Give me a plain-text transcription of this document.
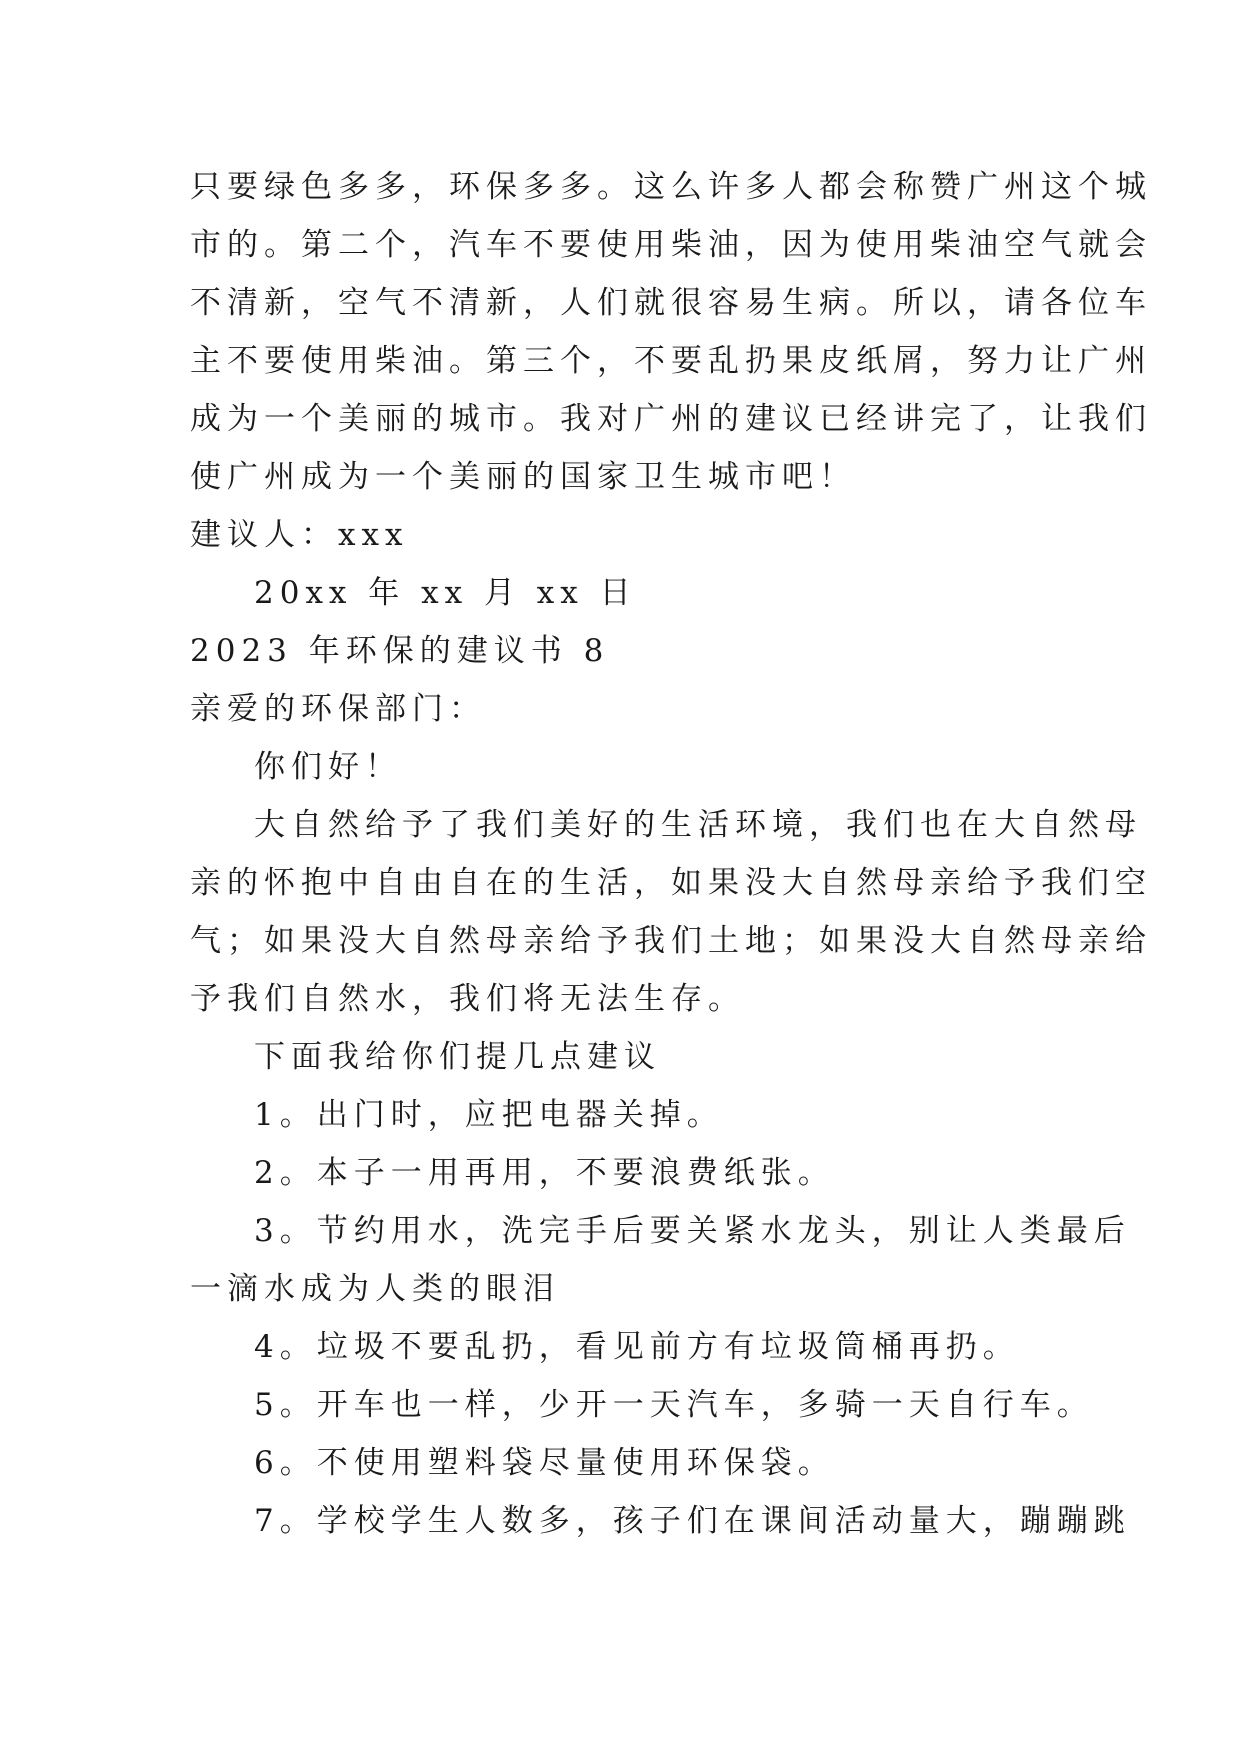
只要绿色多多，环保多多。这么许多人都会称赞广州这个城
市的。第二个，汽车不要使用柴油，因为使用柴油空气就会
不清新，空气不清新，人们就很容易生病。所以，请各位车
主不要使用柴油。第三个，不要乱扔果皮纸屑，努力让广州
成为一个美丽的城市。我对广州的建议已经讲完了，让我们
使广州成为一个美丽的国家卫生城市吧！
建议人：xxx
20xx 年 xx 月 xx 日
2023 年环保的建议书 8
亲爱的环保部门：
你们好！
大自然给予了我们美好的生活环境，我们也在大自然母
亲的怀抱中自由自在的生活，如果没大自然母亲给予我们空
气；如果没大自然母亲给予我们土地；如果没大自然母亲给
予我们自然水，我们将无法生存。
下面我给你们提几点建议
1。出门时，应把电器关掉。
2。本子一用再用，不要浪费纸张。
3。节约用水，洗完手后要关紧水龙头，别让人类最后
一滴水成为人类的眼泪
4。垃圾不要乱扔，看见前方有垃圾筒桶再扔。
5。开车也一样，少开一天汽车，多骑一天自行车。
6。不使用塑料袋尽量使用环保袋。
7。学校学生人数多，孩子们在课间活动量大，蹦蹦跳
